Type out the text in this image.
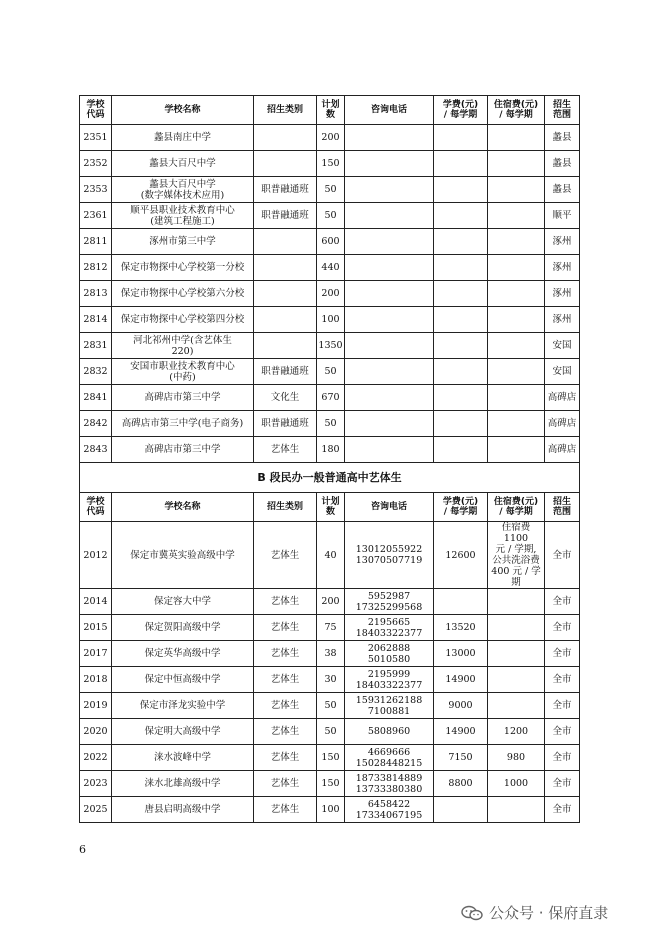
学校
代码	学校名称	招生类别	计划
数	咨询电话	学费(元)
/ 每学期	住宿费(元)
/ 每学期	招生
范围
2351	蠡县南庄中学		200				蠡县
2352	蠡县大百尺中学		150				蠡县
2353	蠡县大百尺中学
(数字媒体技术应用)	职普融通班	50				蠡县
2361	顺平县职业技术教育中心
(建筑工程施工)	职普融通班	50				顺平
2811	涿州市第三中学		600				涿州
2812	保定市物探中心学校第一分校		440				涿州
2813	保定市物探中心学校第六分校		200				涿州
2814	保定市物探中心学校第四分校		100				涿州
2831	河北祁州中学(含艺体生
220)		1350				安国
2832	安国市职业技术教育中心
(中药)	职普融通班	50				安国
2841	高碑店市第三中学	文化生	670				高碑店
2842	高碑店市第三中学(电子商务)	职普融通班	50				高碑店
2843	高碑店市第三中学	艺体生	180				高碑店
B 段民办一般普通高中艺体生							
学校
代码	学校名称	招生类别	计划
数	咨询电话	学费(元)
/ 每学期	住宿费(元)
/ 每学期	招生
范围
2012	保定市冀英实验高级中学	艺体生	40	13012055922
13070507719	12600	住宿费 1100
元 / 学期,
公共洗浴费
400 元 / 学期	全市
2014	保定容大中学	艺体生	200	5952987
17325299568			全市
2015	保定贺阳高级中学	艺体生	75	2195665
18403322377	13520		全市
2017	保定英华高级中学	艺体生	38	2062888
5010580	13000		全市
2018	保定中恒高级中学	艺体生	30	2195999
18403322377	14900		全市
2019	保定市泽龙实验中学	艺体生	50	15931262188
7100881	9000		全市
2020	保定明大高级中学	艺体生	50	5808960	14900	1200	全市
2022	涞水波峰中学	艺体生	150	4669666
15028448215	7150	980	全市
2023	涞水北雄高级中学	艺体生	150	18733814889
13733380380	8800	1000	全市
2025	唐县启明高级中学	艺体生	100	6458422
17334067195			全市
6
公众号 · 保府直隶
